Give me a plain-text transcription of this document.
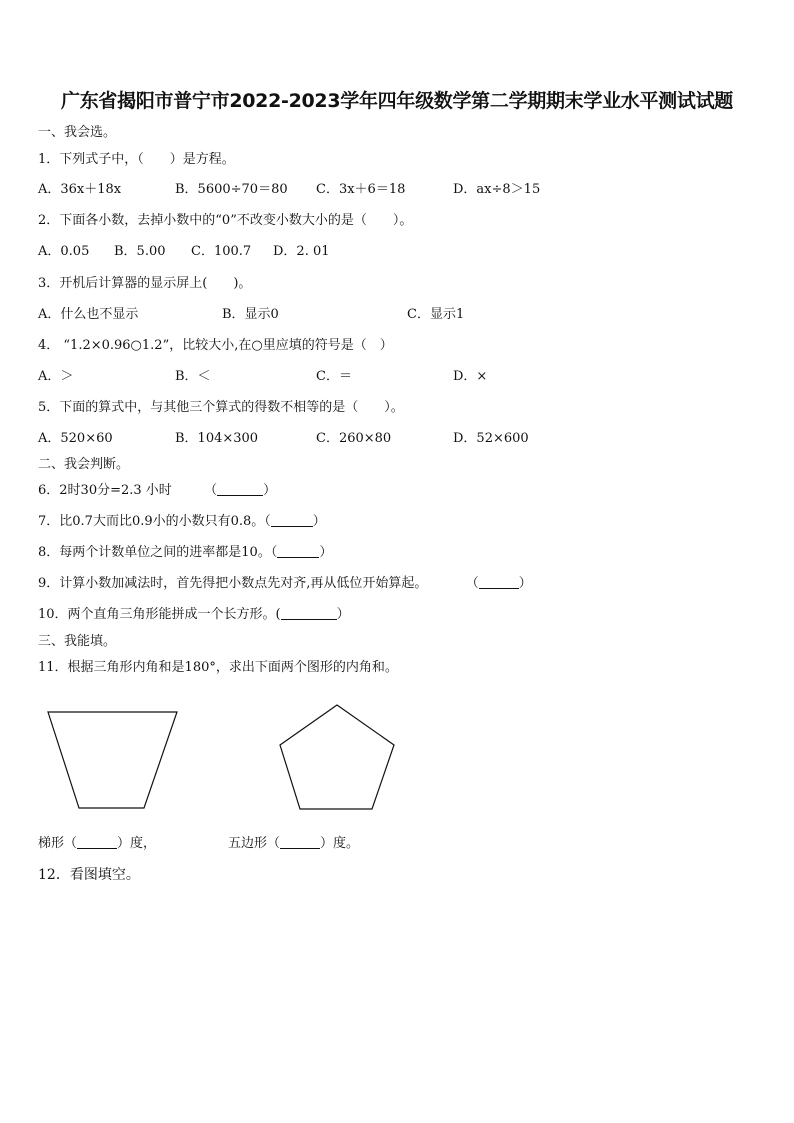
广东省揭阳市普宁市2022-2023学年四年级数学第二学期期末学业水平测试试题
一、我会选。
1．下列式子中，（　　）是方程。
A．36x＋18x	B．5600÷70＝80 C．3x＋6＝18	D．ax÷8＞15
2．下面各小数，去掉小数中的“0”不改变小数大小的是（　　）。
A．0.05 B．5.00 C．100.7 D．2. 01
3．开机后计算器的显示屏上(　　)。
A．什么也不显示	B．显示0	C．显示1
4． “1.2×0.96○1.2”，比较大小,在○里应填的符号是（　）
A．＞	B．＜	C．＝	D．×
5．下面的算式中，与其他三个算式的得数不相等的是（　　）。
A．520×60	B．104×300	C．260×80	D．52×600
二、我会判断。
6．2时30分=2.3 小时 （	）
7．比0.7大而比0.9小的小数只有0.8。（	）
8．每两个计数单位之间的进率都是10。（	）
9．计算小数加减法时，首先得把小数点先对齐,再从低位开始算起。	（	）
10．两个直角三角形能拼成一个长方形。(	）
三、我能填。
11．根据三角形内角和是180°，求出下面两个图形的内角和。
梯形（	）度，	五边形（	）度。
12．看图填空。
